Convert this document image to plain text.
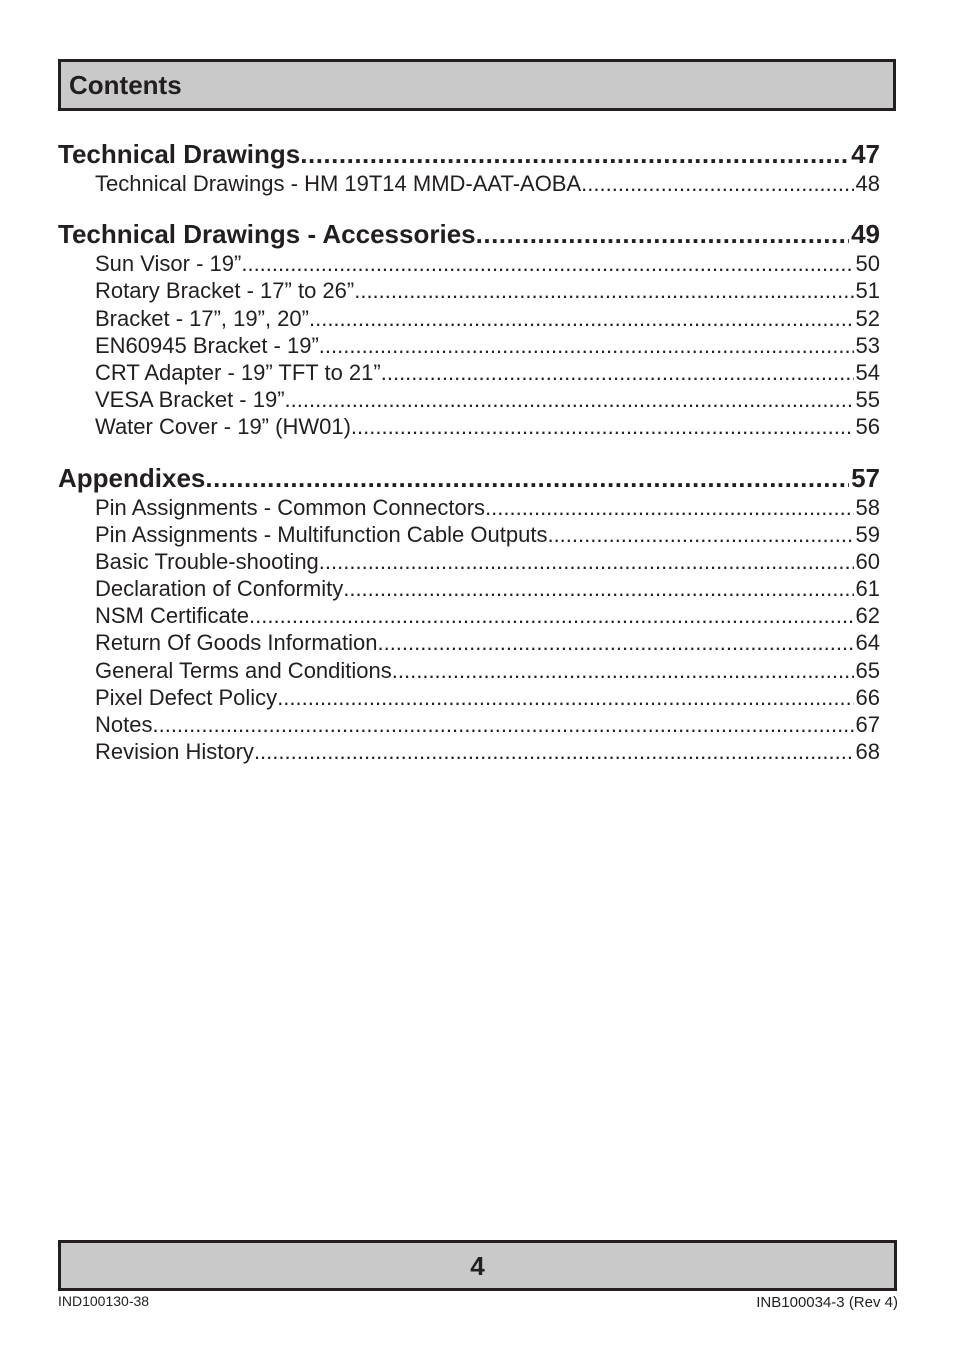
Contents
Technical Drawings .....	47
Technical Drawings - HM 19T14 MMD-AAT-AOBA .....	48
Technical Drawings - Accessories .....	49
Sun Visor - 19” .....	50
Rotary Bracket - 17” to 26” .....	51
Bracket - 17”, 19”, 20” .....	52
EN60945 Bracket - 19” .....	53
CRT Adapter - 19” TFT to 21” .....	54
VESA Bracket - 19” .....	55
Water Cover - 19” (HW01) .....	56
Appendixes .....	57
Pin Assignments - Common Connectors .....	58
Pin Assignments - Multifunction Cable Outputs .....	59
Basic Trouble-shooting .....	60
Declaration of Conformity .....	61
NSM Certificate .....	62
Return Of Goods Information .....	64
General Terms and Conditions .....	65
Pixel Defect Policy .....	66
Notes .....	67
Revision History .....	68
4
IND100130-38	INB100034-3 (Rev 4)
